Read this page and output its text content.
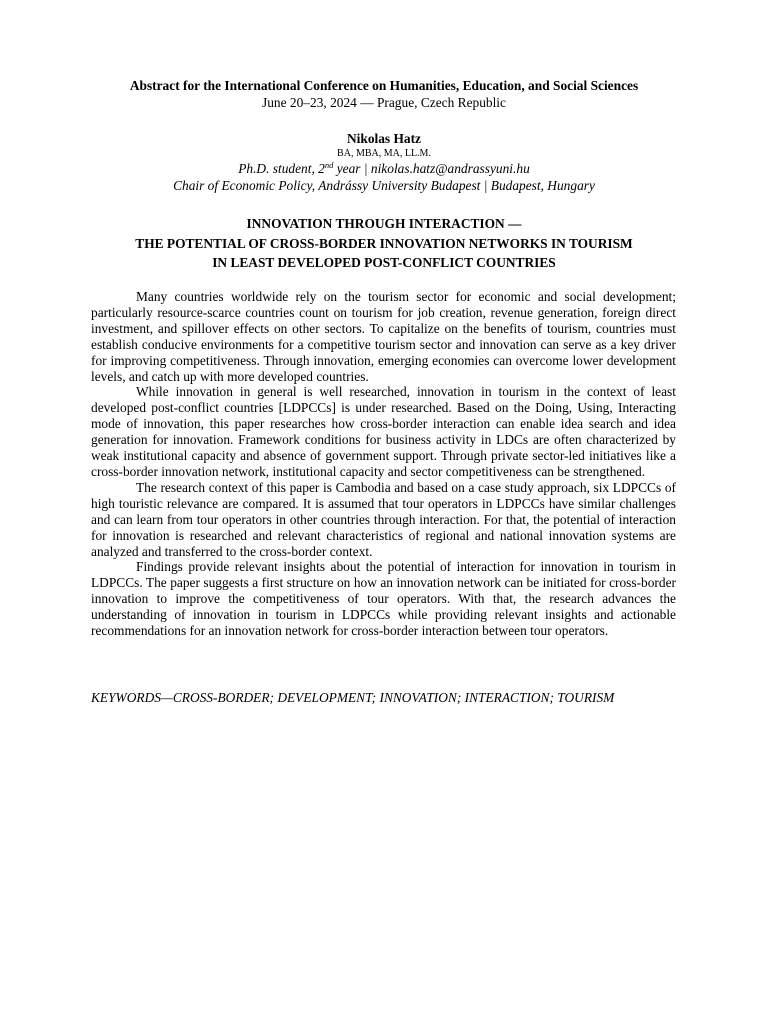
Abstract for the International Conference on Humanities, Education, and Social Sciences
June 20–23, 2024 — Prague, Czech Republic
Nikolas Hatz
BA, MBA, MA, LL.M.
Ph.D. student, 2nd year | nikolas.hatz@andrassyuni.hu
Chair of Economic Policy, Andrássy University Budapest | Budapest, Hungary
INNOVATION THROUGH INTERACTION —
THE POTENTIAL OF CROSS-BORDER INNOVATION NETWORKS IN TOURISM
IN LEAST DEVELOPED POST-CONFLICT COUNTRIES

Many countries worldwide rely on the tourism sector for economic and social development; particularly resource-scarce countries count on tourism for job creation, revenue generation, foreign direct investment, and spillover effects on other sectors. To capitalize on the benefits of tourism, countries must establish conducive environments for a competitive tourism sector and innovation can serve as a key driver for improving competitiveness. Through innovation, emerging economies can overcome lower development levels, and catch up with more developed countries.

While innovation in general is well researched, innovation in tourism in the context of least developed post-conflict countries [LDPCCs] is under researched. Based on the Doing, Using, Interacting mode of innovation, this paper researches how cross-border interaction can enable idea search and idea generation for innovation. Framework conditions for business activity in LDCs are often characterized by weak institutional capacity and absence of government support. Through private sector-led initiatives like a cross-border innovation network, institutional capacity and sector competitiveness can be strengthened.

The research context of this paper is Cambodia and based on a case study approach, six LDPCCs of high touristic relevance are compared. It is assumed that tour operators in LDPCCs have similar challenges and can learn from tour operators in other countries through interaction. For that, the potential of interaction for innovation is researched and relevant characteristics of regional and national innovation systems are analyzed and transferred to the cross-border context.

Findings provide relevant insights about the potential of interaction for innovation in tourism in LDPCCs. The paper suggests a first structure on how an innovation network can be initiated for cross-border innovation to improve the competitiveness of tour operators. With that, the research advances the understanding of innovation in tourism in LDPCCs while providing relevant insights and actionable recommendations for an innovation network for cross-border interaction between tour operators.

KEYWORDS—CROSS-BORDER; DEVELOPMENT; INNOVATION; INTERACTION; TOURISM
